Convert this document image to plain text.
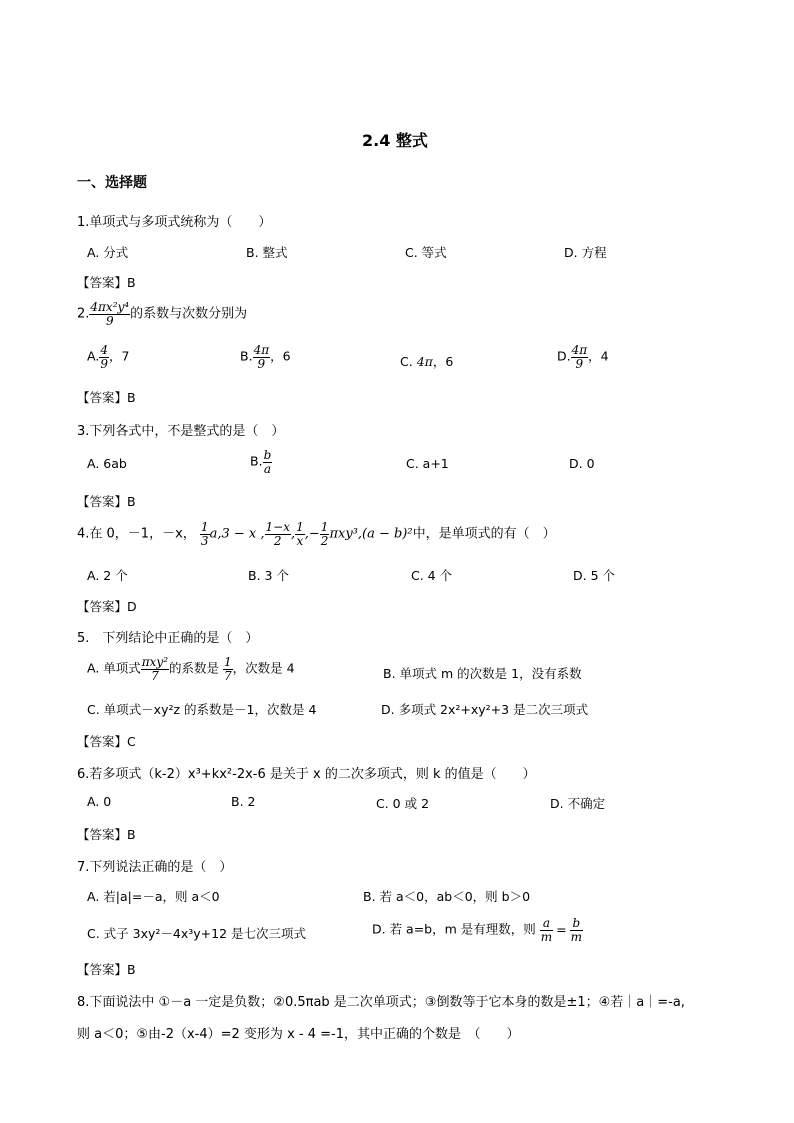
2.4 整式
一、选择题
1.单项式与多项式统称为（　　）
A. 分式	B. 整式	C. 等式	D. 方程
【答案】B
2. $\frac{\text{4πx²y⁴}}{9}$ 的系数与次数分别为
A. $\frac{4}{9}$ ，7	B. $\frac{4\pi}{9}$ ，6	C. 4π，6	D. $\frac{4\pi}{9}$ ，4
【答案】B
3.下列各式中，不是整式的是（　）
A. 6ab	B. $\frac{b}{a}$	C. a+1	D. 0
【答案】B
4.在 0，－1，－x， $\frac{1}{3} a,3 - x$ , $\frac{1-x}{2}$ , $\frac{1}{x}$ ,− $\frac{1}{2} \pi xy^3,(a - b)^2$中，是单项式的有（　）
A. 2 个	B. 3 个	C. 4 个	D. 5 个
【答案】D
5.　下列结论中正确的是（　）
A. 单项式 $\frac{\text{πxy²}}{7}$ 的系数是 $\frac{1}{7}$ ，次数是 4	B. 单项式 m 的次数是 1，没有系数
C. 单项式－xy²z 的系数是－1，次数是 4	D. 多项式 2x²+xy²+3 是二次三项式
【答案】C
6.若多项式（k-2）x³+kx²-2x-6 是关于 x 的二次多项式，则 k 的值是（　　）
A. 0	B. 2	C. 0 或 2	D. 不确定
【答案】B
7.下列说法正确的是（　）
A. 若|a|=－a，则 a＜0	B. 若 a＜0，ab＜0，则 b＞0
C. 式子 3xy²－4x³y+12 是七次三项式	D. 若 a=b，m 是有理数，则 $\frac{a}{m} = \frac{b}{m}$
【答案】B
8.下面说法中 ①－a 一定是负数；②0.5πab 是二次单项式；③倒数等于它本身的数是±1；④若｜a｜=-a,
则 a＜0；⑤由-2（x-4）=2 变形为 x - 4 =-1，其中正确的个数是　（　　）
